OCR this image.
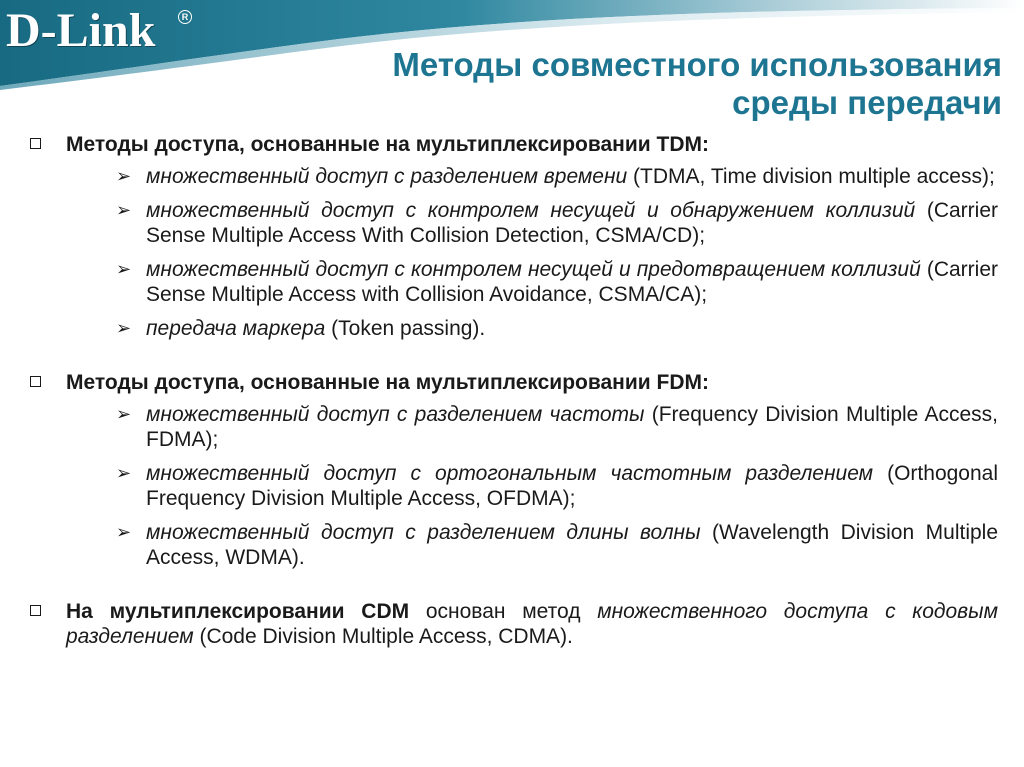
D-Link	R
Методы совместного использования
среды передачи
Методы доступа, основанные на мультиплексировании TDM:
➢ множественный доступ с разделением времени (TDMA, Time division multiple access);
➢ множественный доступ с контролем несущей и обнаружением коллизий (Carrier Sense Multiple Access With Collision Detection, CSMA/CD);
➢ множественный доступ с контролем несущей и предотвращением коллизий (Carrier Sense Multiple Access with Collision Avoidance, CSMA/CA);
➢ передача маркера (Token passing).
Методы доступа, основанные на мультиплексировании FDM:
➢ множественный доступ с разделением частоты (Frequency Division Multiple Access, FDMA);
➢ множественный доступ с ортогональным частотным разделением (Orthogonal Frequency Division Multiple Access, OFDMA);
➢ множественный доступ с разделением длины волны (Wavelength Division Multiple Access, WDMA).
На мультиплексировании CDM основан метод множественного доступа с кодовым разделением (Code Division Multiple Access, CDMA).
